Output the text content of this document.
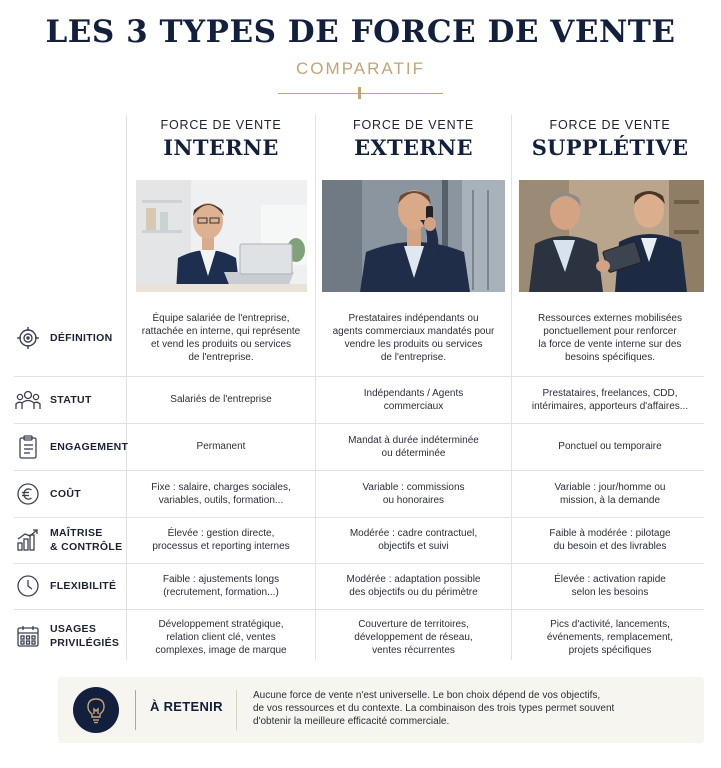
LES 3 TYPES DE FORCE DE VENTE
COMPARATIF
FORCE DE VENTE
INTERNE
FORCE DE VENTE
EXTERNE
FORCE DE VENTE
SUPPLÉTIVE
DÉFINITION
Équipe salariée de l'entreprise,
rattachée en interne, qui représente
et vend les produits ou services
de l'entreprise.
Prestataires indépendants ou
agents commerciaux mandatés pour
vendre les produits ou services
de l'entreprise.
Ressources externes mobilisées
ponctuellement pour renforcer
la force de vente interne sur des
besoins spécifiques.
STATUT	Salariés de l'entreprise
Indépendants / Agents
commerciaux
Prestataires, freelances, CDD,
intérimaires, apporteurs d'affaires...
ENGAGEMENT	Permanent
Mandat à durée indéterminée
ou déterminée
Ponctuel ou temporaire
COÛT
Fixe : salaire, charges sociales,
variables, outils, formation...
Variable : commissions
ou honoraires
Variable : jour/homme ou
mission, à la demande
MAÎTRISE
& CONTRÔLE
Élevée : gestion directe,
processus et reporting internes
Modérée : cadre contractuel,
objectifs et suivi
Faible à modérée : pilotage
du besoin et des livrables
FLEXIBILITÉ
Faible : ajustements longs
(recrutement, formation...)
Modérée : adaptation possible
des objectifs ou du périmètre
Élevée : activation rapide
selon les besoins
USAGES
PRIVILÉGIÉS
Développement stratégique,
relation client clé, ventes
complexes, image de marque
Couverture de territoires,
développement de réseau,
ventes récurrentes
Pics d'activité, lancements,
événements, remplacement,
projets spécifiques
À RETENIR
Aucune force de vente n'est universelle. Le bon choix dépend de vos objectifs,
de vos ressources et du contexte. La combinaison des trois types permet souvent
d'obtenir la meilleure efficacité commerciale.
